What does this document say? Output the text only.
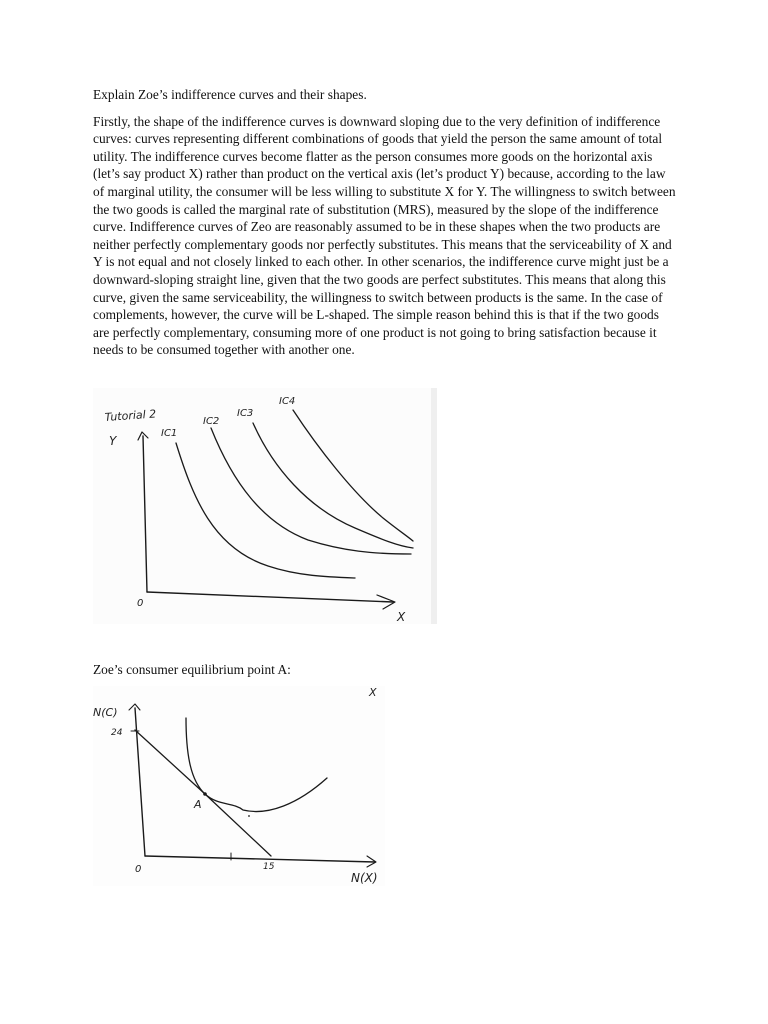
Explain Zoe’s indifference curves and their shapes.

Firstly, the shape of the indifference curves is downward sloping due to the very definition of indifference curves: curves representing different combinations of goods that yield the person the same amount of total utility. The indifference curves become flatter as the person consumes more goods on the horizontal axis (let’s say product X) rather than product on the vertical axis (let’s product Y) because, according to the law of marginal utility, the consumer will be less willing to substitute X for Y. The willingness to switch between the two goods is called the marginal rate of substitution (MRS), measured by the slope of the indifference curve. Indifference curves of Zeo are reasonably assumed to be in these shapes when the two products are neither perfectly complementary goods nor perfectly substitutes. This means that the serviceability of X and Y is not equal and not closely linked to each other. In other scenarios, the indifference curve might just be a downward-sloping straight line, given that the two goods are perfect substitutes. This means that along this curve, given the same serviceability, the willingness to switch between products is the same. In the case of complements, however, the curve will be L-shaped. The simple reason behind this is that if the two goods are perfectly complementary, consuming more of one product is not going to bring satisfaction because it needs to be consumed together with another one.

Tutorial 2
Y
0
X
IC1
IC2
IC3
IC4
Zoe’s consumer equilibrium point A:
X
N(C)
24
0	15
N(X)
A
